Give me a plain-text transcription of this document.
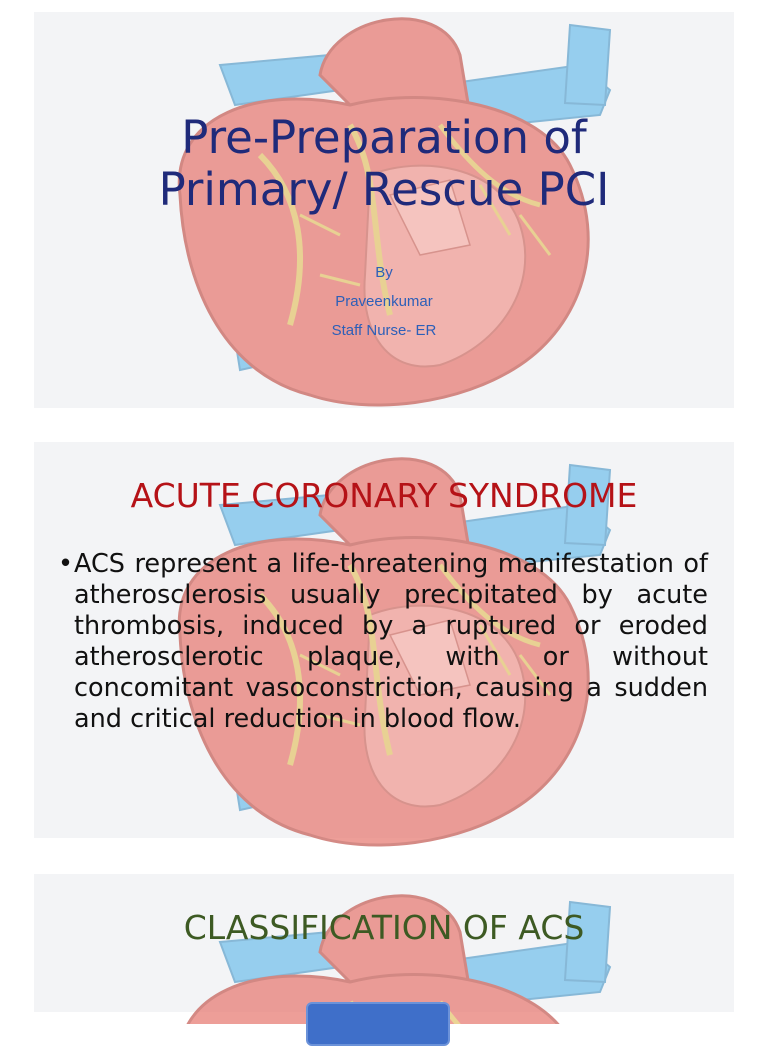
Pre-Preparation of
Primary/ Rescue PCI
By
Praveenkumar
Staff Nurse- ER
ACUTE CORONARY SYNDROME
• ACS represent a life-threatening manifestation of atherosclerosis usually precipitated by acute thrombosis, induced by a ruptured or eroded atherosclerotic plaque, with or without concomitant vasoconstriction, causing a sudden and critical reduction in blood flow.
CLASSIFICATION OF ACS
